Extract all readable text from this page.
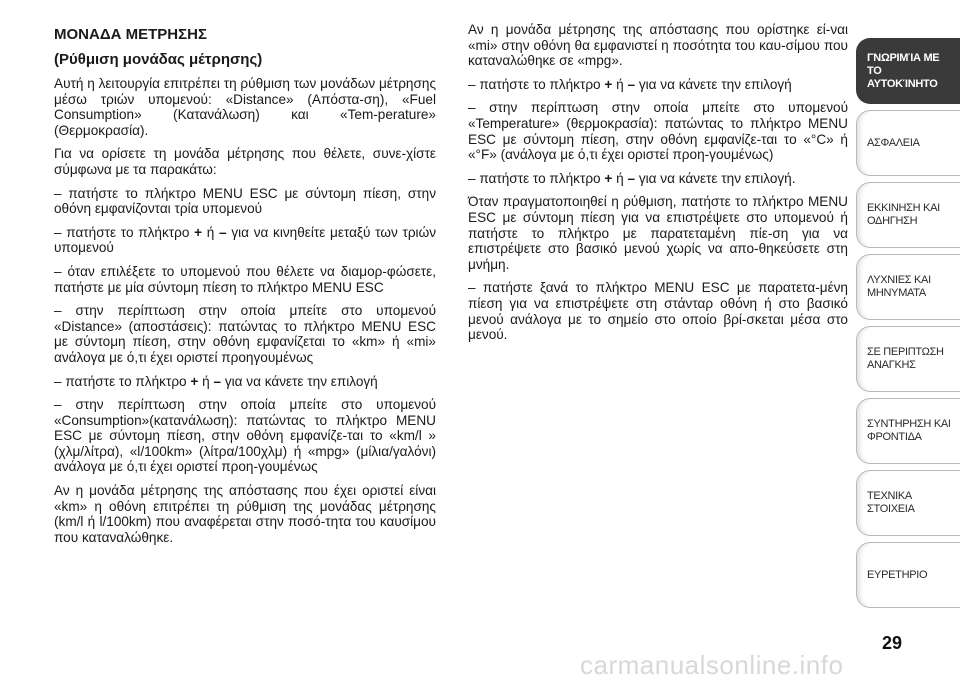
ΜΟΝΑΔΑ ΜΕΤΡΗΣΗΣ

(Ρύθμιση μονάδας μέτρησης)

Αυτή η λειτουργία επιτρέπει τη ρύθμιση των μονάδων μέτρησης μέσω τριών υπομενού: «Distance» (Απόστα-ση), «Fuel Consumption» (Κατανάλωση) και «Tem-perature» (Θερμοκρασία).

Για να ορίσετε τη μονάδα μέτρησης που θέλετε, συνε-χίστε σύμφωνα με τα παρακάτω:

– πατήστε το πλήκτρο MENU ESC με σύντομη πίεση, στην οθόνη εμφανίζονται τρία υπομενού

– πατήστε το πλήκτρο + ή – για να κινηθείτε μεταξύ των τριών υπομενού

– όταν επιλέξετε το υπομενού που θέλετε να διαμορ-φώσετε, πατήστε με μία σύντομη πίεση το πλήκτρο MENU ESC

– στην περίπτωση στην οποία μπείτε στο υπομενού «Distance» (αποστάσεις): πατώντας το πλήκτρο MENU ESC με σύντομη πίεση, στην οθόνη εμφανίζεται το «km» ή «mi» ανάλογα με ό,τι έχει οριστεί προηγουμένως

– πατήστε το πλήκτρο + ή – για να κάνετε την επιλογή

– στην περίπτωση στην οποία μπείτε στο υπομενού «Consumption»(κατανάλωση): πατώντας το πλήκτρο MENU ESC με σύντομη πίεση, στην οθόνη εμφανίζε-ται το «km/l » (χλμ/λίτρα), «l/100km» (λίτρα/100χλμ) ή «mpg» (μίλια/γαλόνι) ανάλογα με ό,τι έχει οριστεί προη-γουμένως

Αν η μονάδα μέτρησης της απόστασης που έχει οριστεί είναι «km» η οθόνη επιτρέπει τη ρύθμιση της μονάδας μέτρησης (km/l ή l/100km) που αναφέρεται στην ποσό-τητα του καυσίμου που καταναλώθηκε.

Αν η μονάδα μέτρησης της απόστασης που ορίστηκε εί-ναι «mi» στην οθόνη θα εμφανιστεί η ποσότητα του καυ-σίμου που καταναλώθηκε σε «mpg».

– πατήστε το πλήκτρο + ή – για να κάνετε την επιλογή

– στην περίπτωση στην οποία μπείτε στο υπομενού «Temperature» (θερμοκρασία): πατώντας το πλήκτρο MENU ESC με σύντομη πίεση, στην οθόνη εμφανίζε-ται το «°C» ή «°F» (ανάλογα με ό,τι έχει οριστεί προη-γουμένως)

– πατήστε το πλήκτρο + ή – για να κάνετε την επιλογή.

Όταν πραγματοποιηθεί η ρύθμιση, πατήστε το πλήκτρο MENU ESC με σύντομη πίεση για να επιστρέψετε στο υπομενού ή πατήστε το πλήκτρο με παρατεταμένη πίε-ση για να επιστρέψετε στο βασικό μενού χωρίς να απο-θηκεύσετε στη μνήμη.

– πατήστε ξανά το πλήκτρο MENU ESC με παρατετα-μένη πίεση για να επιστρέψετε στη στάνταρ οθόνη ή στο βασικό μενού ανάλογα με το σημείο στο οποίο βρί-σκεται μέσα στο μενού.

ΓΝΩΡΙΜΊΑ ΜΕ ΤΟ
ΑΥΤΟΚΊΝΗΤΟ
ΑΣΦΑΛΕΙΑ
ΕΚΚΙΝΗΣΗ ΚΑΙ
ΟΔΗΓΗΣΗ
ΛΥΧΝΙΕΣ ΚΑΙ
ΜΗΝΥΜΑΤΑ
ΣΕ ΠΕΡΙΠΤΩΣΗ
ΑΝΑΓΚΗΣ
ΣΥΝΤΗΡΗΣΗ ΚΑΙ
ΦΡΟΝΤΙΔΑ
ΤΕΧΝΙΚΑ ΣΤΟΙΧΕΙΑ
ΕΥΡΕΤΗΡΙΟ
29
carmanualsonline.info
